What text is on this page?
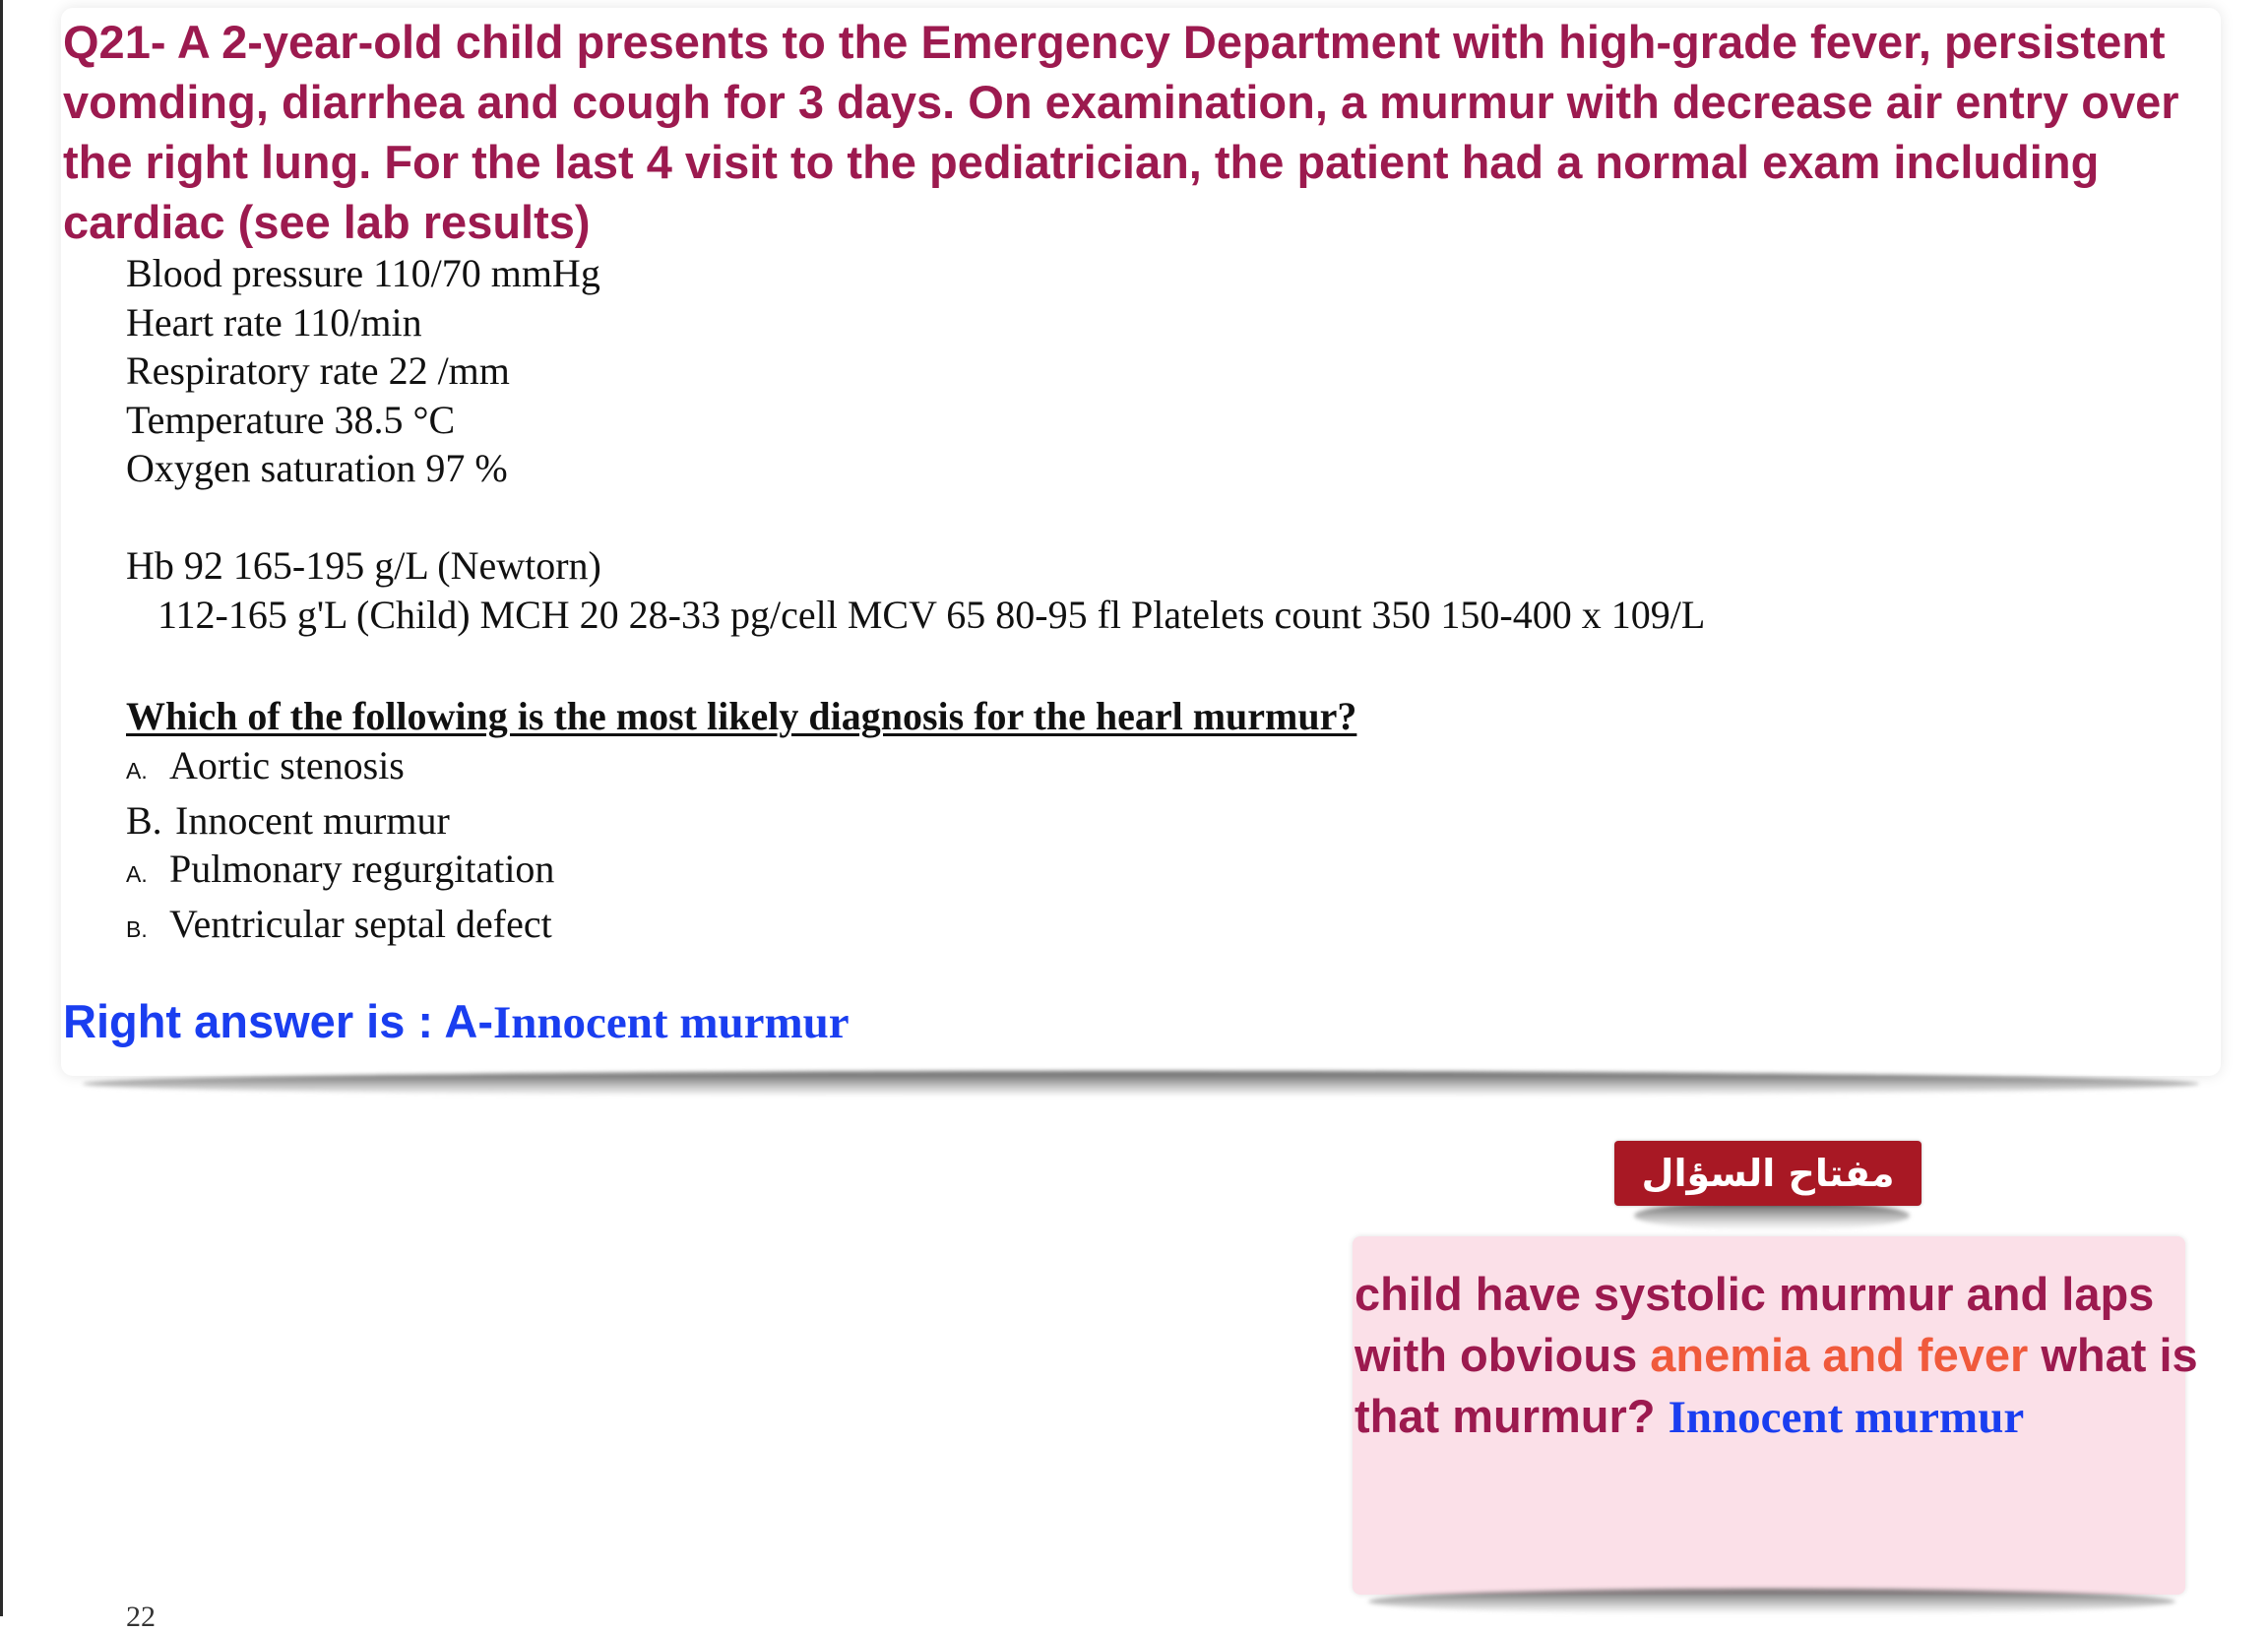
Q21- A 2-year-old child presents to the Emergency Department with high-grade fever, persistent vomding, diarrhea and cough for 3 days. On examination, a murmur with decrease air entry over the right lung. For the last 4 visit to the pediatrician, the patient had a normal exam including cardiac (see lab results)

Blood pressure 110/70 mmHg
Heart rate 110/min
Respiratory rate 22 /mm
Temperature 38.5 °C
Oxygen saturation 97 %
Hb 92 165-195 g/L (Newtorn)
112-165 g'L (Child) MCH 20 28-33 pg/cell MCV 65 80-95 fl Platelets count 350 150-400 x 109/L
Which of the following is the most likely diagnosis for the hearl murmur?
A. Aortic stenosis
B. Innocent murmur
A. Pulmonary regurgitation
B. Ventricular septal defect
Right answer is : A-Innocent murmur
مفتاح السؤال

child have systolic murmur and laps with obvious anemia and fever what is that murmur? Innocent murmur

22
